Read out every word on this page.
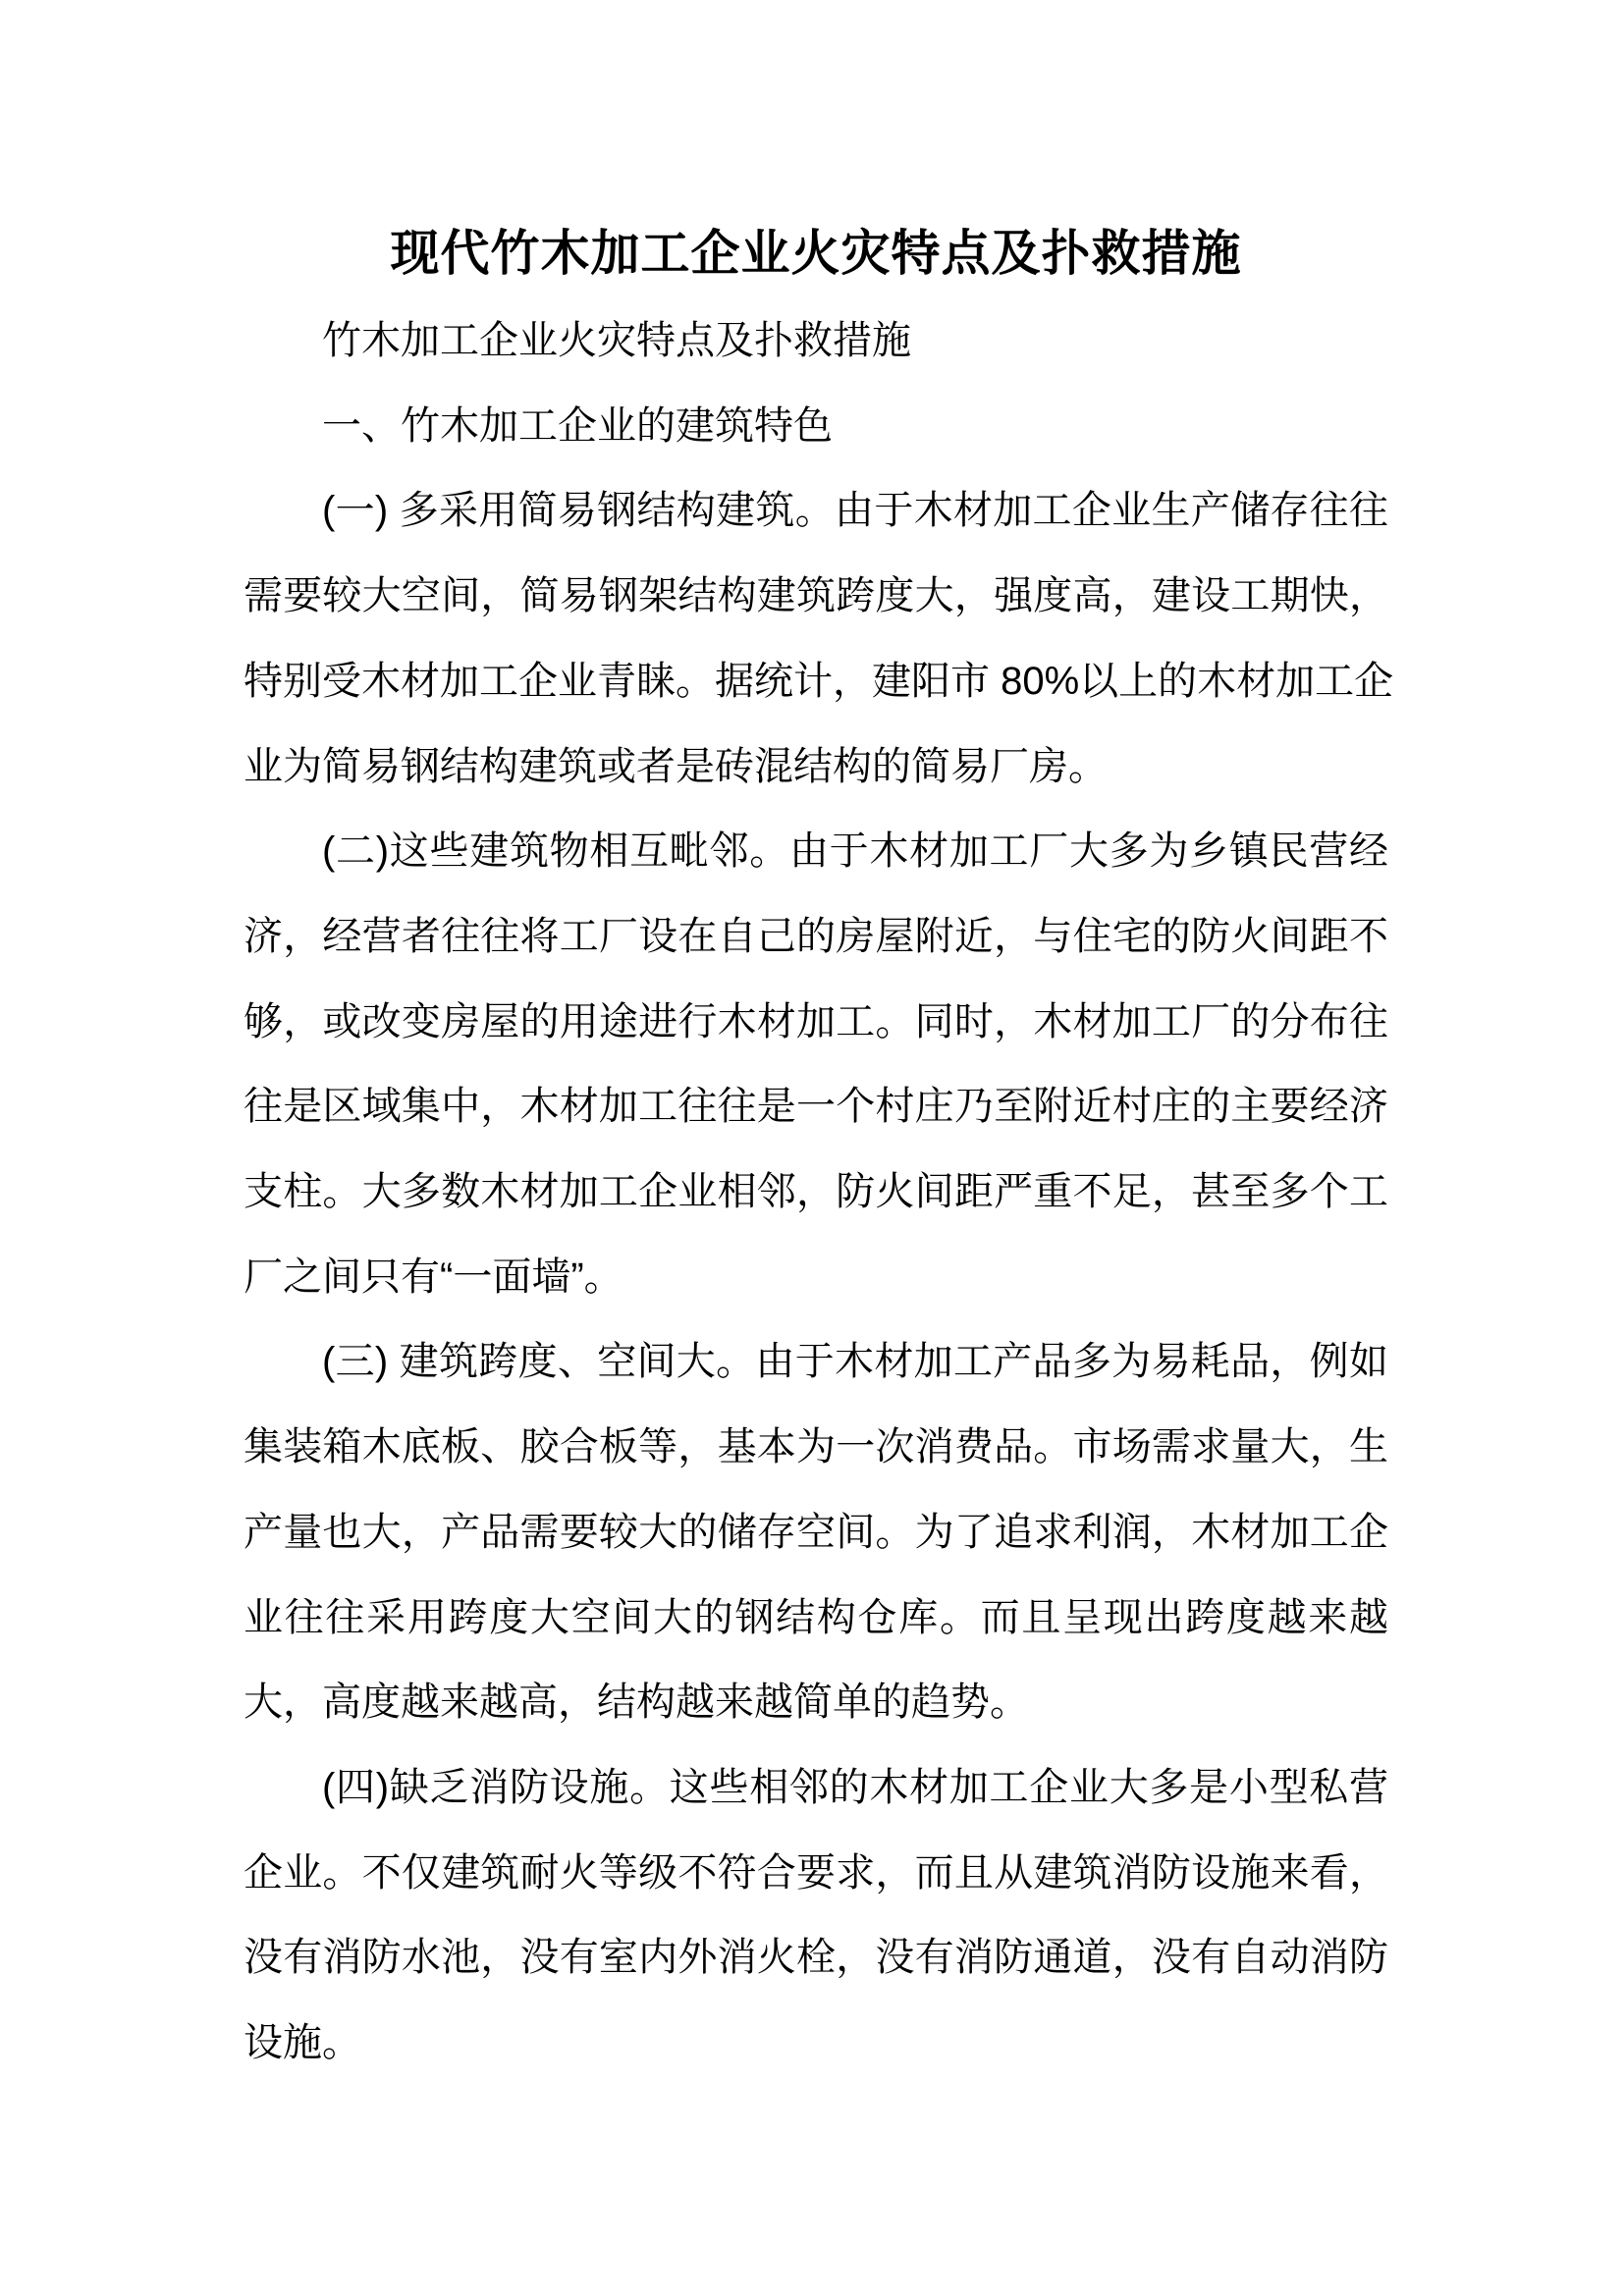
现代竹木加工企业火灾特点及扑救措施
竹木加工企业火灾特点及扑救措施
一、竹木加工企业的建筑特色
(一) 多采用简易钢结构建筑。由于木材加工企业生产储存往往
需要较大空间，简易钢架结构建筑跨度大，强度高，建设工期快，
特别受木材加工企业青睐。据统计，建阳市 80%以上的木材加工企
业为简易钢结构建筑或者是砖混结构的简易厂房。
(二)这些建筑物相互毗邻。由于木材加工厂大多为乡镇民营经
济，经营者往往将工厂设在自己的房屋附近，与住宅的防火间距不
够，或改变房屋的用途进行木材加工。同时，木材加工厂的分布往
往是区域集中，木材加工往往是一个村庄乃至附近村庄的主要经济
支柱。大多数木材加工企业相邻，防火间距严重不足，甚至多个工
厂之间只有“一面墙”。
(三) 建筑跨度、空间大。由于木材加工产品多为易耗品，例如
集装箱木底板、胶合板等，基本为一次消费品。市场需求量大，生
产量也大，产品需要较大的储存空间。为了追求利润，木材加工企
业往往采用跨度大空间大的钢结构仓库。而且呈现出跨度越来越
大，高度越来越高，结构越来越简单的趋势。
(四)缺乏消防设施。这些相邻的木材加工企业大多是小型私营
企业。不仅建筑耐火等级不符合要求，而且从建筑消防设施来看，
没有消防水池，没有室内外消火栓，没有消防通道，没有自动消防
设施。
